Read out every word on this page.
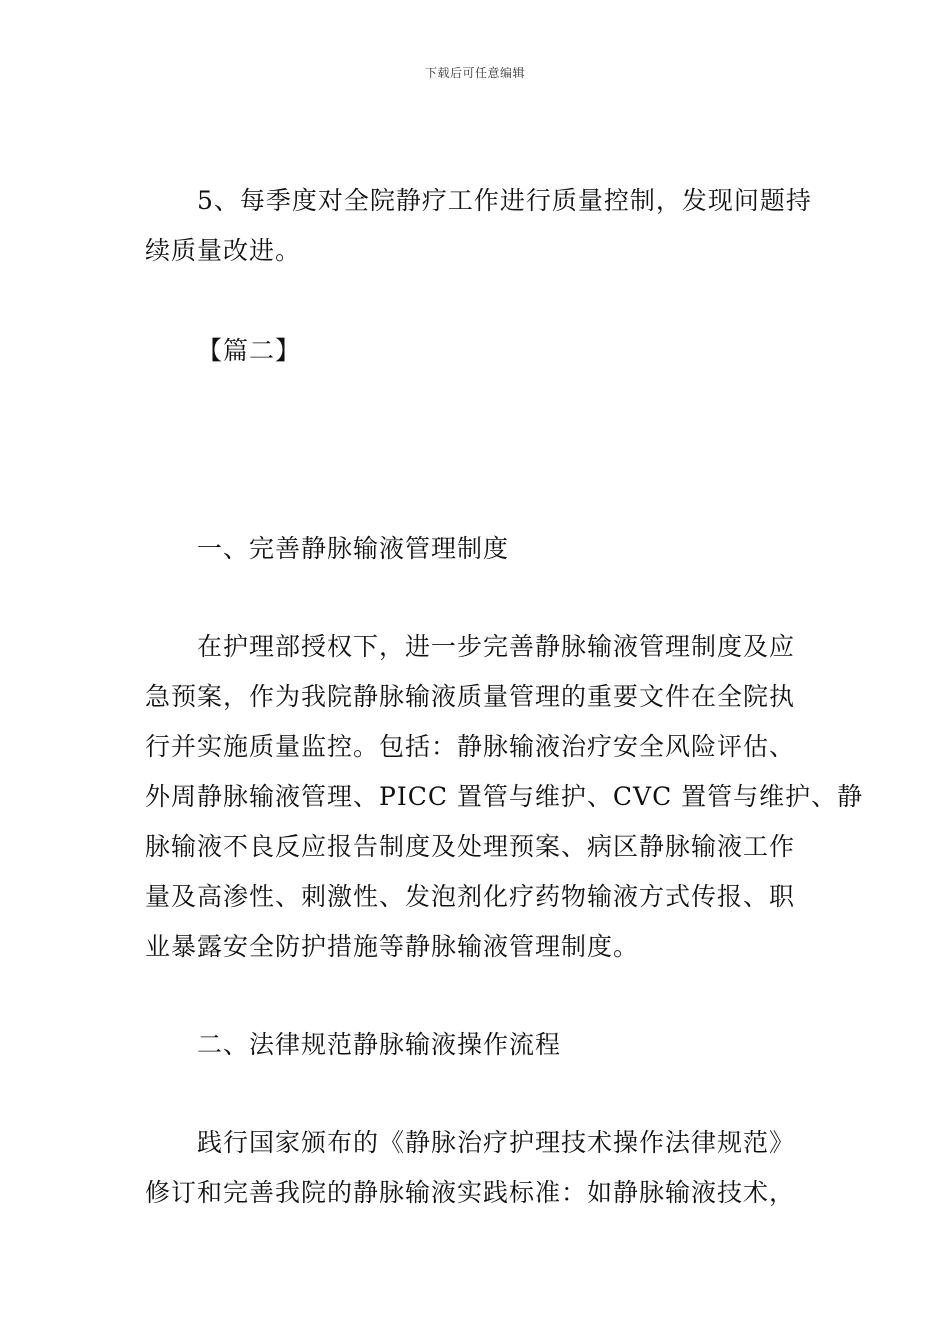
下载后可任意编辑
5、每季度对全院静疗工作进行质量控制，发现问题持
续质量改进。
【篇二】
一、完善静脉输液管理制度
在护理部授权下，进一步完善静脉输液管理制度及应
急预案，作为我院静脉输液质量管理的重要文件在全院执
行并实施质量监控。包括：静脉输液治疗安全风险评估、
外周静脉输液管理、PICC 置管与维护、CVC 置管与维护、静
脉输液不良反应报告制度及处理预案、病区静脉输液工作
量及高渗性、刺激性、发泡剂化疗药物输液方式传报、职
业暴露安全防护措施等静脉输液管理制度。
二、法律规范静脉输液操作流程
践行国家颁布的《静脉治疗护理技术操作法律规范》
修订和完善我院的静脉输液实践标准：如静脉输液技术，
